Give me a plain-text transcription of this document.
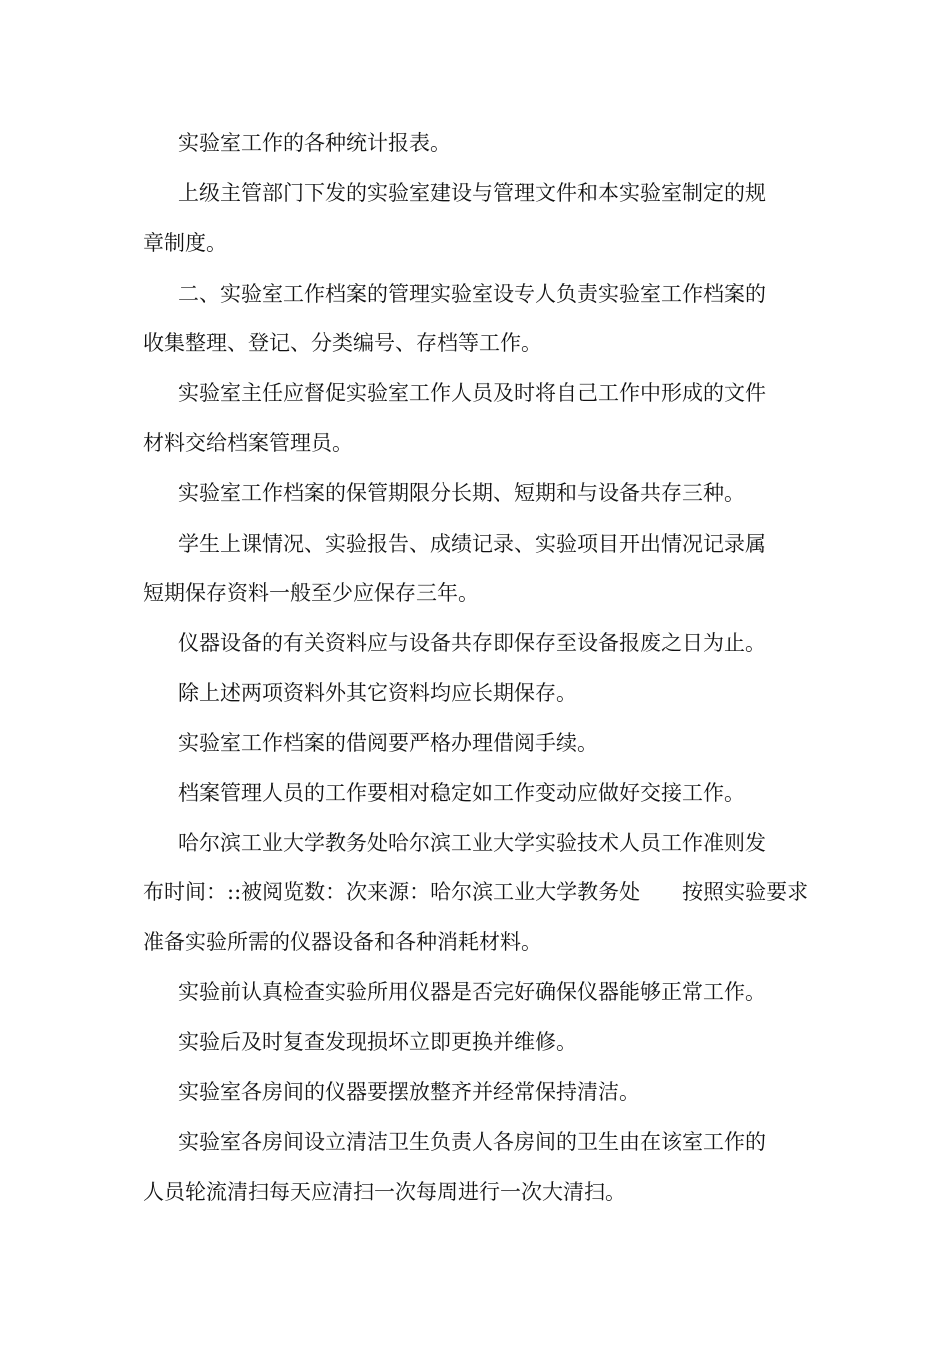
实验室工作的各种统计报表。

上级主管部门下发的实验室建设与管理文件和本实验室制定的规

章制度。

二、实验室工作档案的管理实验室设专人负责实验室工作档案的

收集整理、登记、分类编号、存档等工作。

实验室主任应督促实验室工作人员及时将自己工作中形成的文件

材料交给档案管理员。

实验室工作档案的保管期限分长期、短期和与设备共存三种。

学生上课情况、实验报告、成绩记录、实验项目开出情况记录属

短期保存资料一般至少应保存三年。

仪器设备的有关资料应与设备共存即保存至设备报废之日为止。

除上述两项资料外其它资料均应长期保存。

实验室工作档案的借阅要严格办理借阅手续。

档案管理人员的工作要相对稳定如工作变动应做好交接工作。

哈尔滨工业大学教务处哈尔滨工业大学实验技术人员工作准则发

布时间：::被阅览数：次来源：哈尔滨工业大学教务处　　按照实验要求

准备实验所需的仪器设备和各种消耗材料。

实验前认真检查实验所用仪器是否完好确保仪器能够正常工作。

实验后及时复查发现损坏立即更换并维修。

实验室各房间的仪器要摆放整齐并经常保持清洁。

实验室各房间设立清洁卫生负责人各房间的卫生由在该室工作的

人员轮流清扫每天应清扫一次每周进行一次大清扫。
